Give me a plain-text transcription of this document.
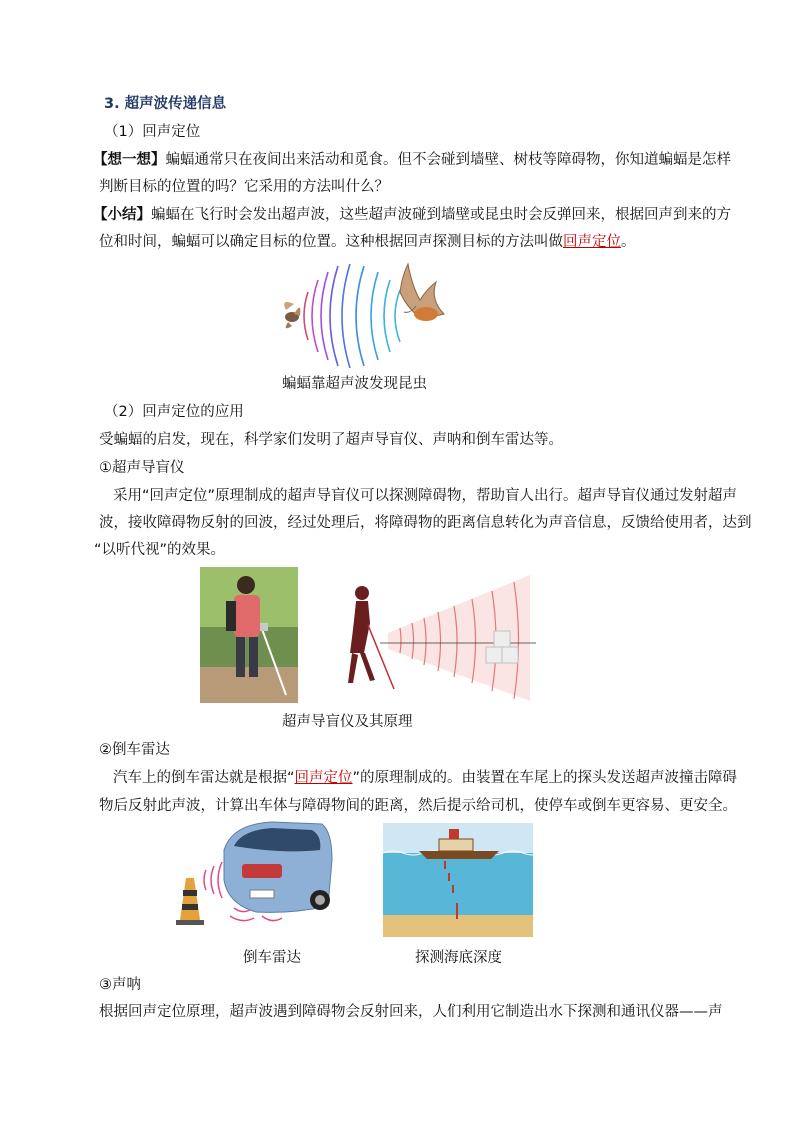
3. 超声波传递信息
（1）回声定位
【想一想】蝙蝠通常只在夜间出来活动和觅食。但不会碰到墙壁、树枝等障碍物，你知道蝙蝠是怎样
判断目标的位置的吗？它采用的方法叫什么？
【小结】蝙蝠在飞行时会发出超声波，这些超声波碰到墙壁或昆虫时会反弹回来，根据回声到来的方
位和时间，蝙蝠可以确定目标的位置。这种根据回声探测目标的方法叫做回声定位。
蝙蝠靠超声波发现昆虫
（2）回声定位的应用
受蝙蝠的启发，现在，科学家们发明了超声导盲仪、声呐和倒车雷达等。
①超声导盲仪
采用“回声定位”原理制成的超声导盲仪可以探测障碍物，帮助盲人出行。超声导盲仪通过发射超声
波，接收障碍物反射的回波，经过处理后，将障碍物的距离信息转化为声音信息，反馈给使用者，达到
“以听代视”的效果。
超声导盲仪及其原理
②倒车雷达
汽车上的倒车雷达就是根据“回声定位”的原理制成的。由装置在车尾上的探头发送超声波撞击障碍
物后反射此声波，计算出车体与障碍物间的距离，然后提示给司机，使停车或倒车更容易、更安全。
倒车雷达	探测海底深度
③声呐
根据回声定位原理，超声波遇到障碍物会反射回来，人们利用它制造出水下探测和通讯仪器——声
